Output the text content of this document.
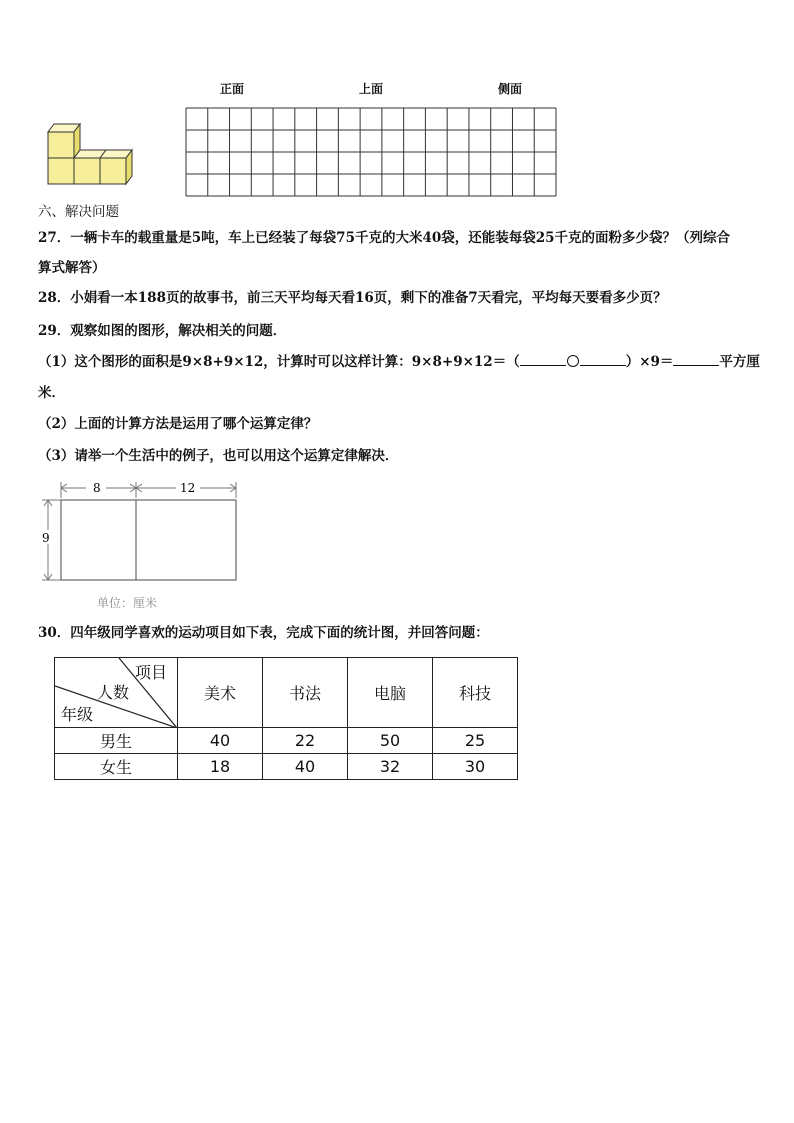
正面	上面	侧面
六、解决问题
27．一辆卡车的载重量是5吨，车上已经装了每袋75千克的大米40袋，还能装每袋25千克的面粉多少袋？（列综合
算式解答）
28．小娟看一本188页的故事书，前三天平均每天看16页，剩下的准备7天看完，平均每天要看多少页？
29．观察如图的图形，解决相关的问题．
（1）这个图形的面积是9×8+9×12，计算时可以这样计算：9×8+9×12＝（	）×9＝	平方厘
米．
（2）上面的计算方法是运用了哪个运算定律？
（3）请举一个生活中的例子，也可以用这个运算定律解决．
8	12
9
单位：厘米
30．四年级同学喜欢的运动项目如下表，完成下面的统计图，并回答问题：
项目
人数
年级	美术	书法	电脑	科技
男生	40	22	50	25
女生	18	40	32	30
